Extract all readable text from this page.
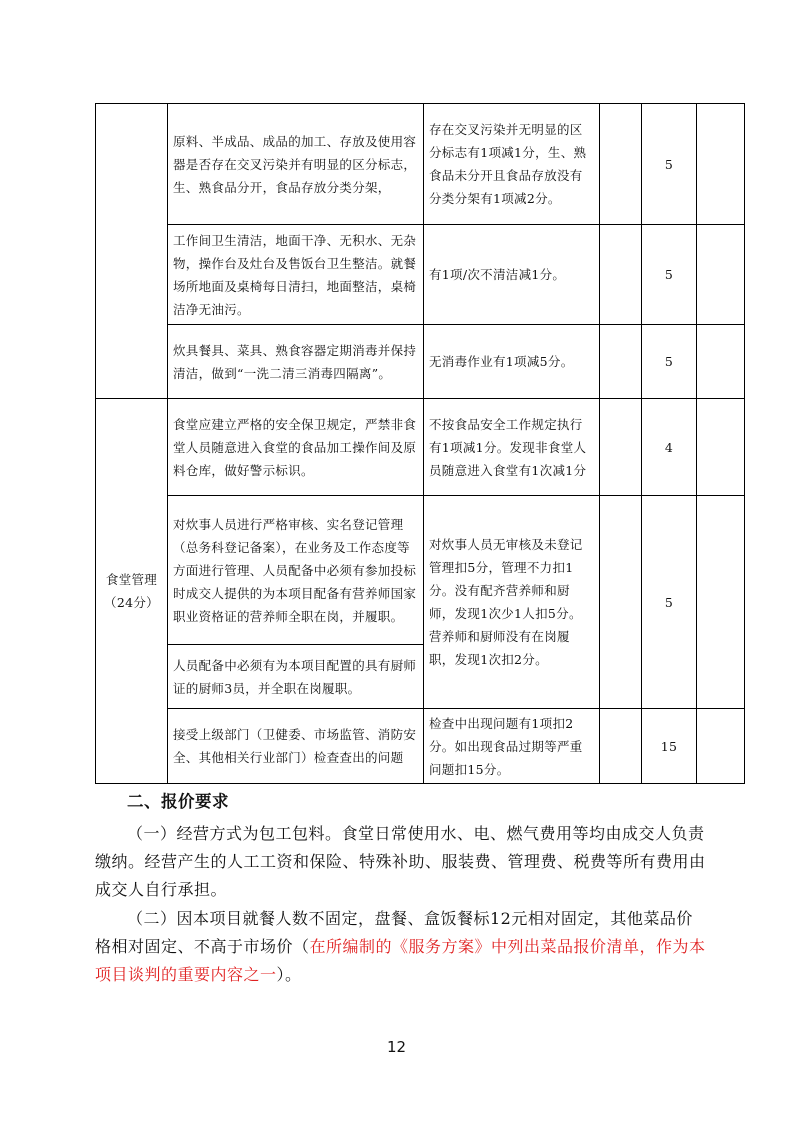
	原料、半成品、成品的加工、存放及使用容器是否存在交叉污染并有明显的区分标志，生、熟食品分开，食品存放分类分架，	存在交叉污染并无明显的区分标志有1项减1分，生、熟食品未分开且食品存放没有分类分架有1项减2分。		5	
	工作间卫生清洁，地面干净、无积水、无杂物，操作台及灶台及售饭台卫生整洁。就餐场所地面及桌椅每日清扫，地面整洁，桌椅洁净无油污。	有1项/次不清洁减1分。		5	
	炊具餐具、菜具、熟食容器定期消毒并保持清洁，做到“一洗二清三消毒四隔离”。	无消毒作业有1项减5分。		5	

食堂管理
（24分）	食堂应建立严格的安全保卫规定，严禁非食堂人员随意进入食堂的食品加工操作间及原料仓库，做好警示标识。	不按食品安全工作规定执行有1项减1分。发现非食堂人员随意进入食堂有1次减1分		4	
	对炊事人员进行严格审核、实名登记管理（总务科登记备案），在业务及工作态度等方面进行管理、人员配备中必须有参加投标时成交人提供的为本项目配备有营养师国家职业资格证的营养师全职在岗，并履职。	对炊事人员无审核及未登记管理扣5分，管理不力扣1分。没有配齐营养师和厨师，发现1次少1人扣5分。营养师和厨师没有在岗履职，发现1次扣2分。		5	
	人员配备中必须有为本项目配置的具有厨师证的厨师3员，并全职在岗履职。				
	接受上级部门（卫健委、市场监管、消防安全、其他相关行业部门）检查查出的问题	检查中出现问题有1项扣2分。如出现食品过期等严重问题扣15分。		15	
二、报价要求
（一）经营方式为包工包料。食堂日常使用水、电、燃气费用等均由成交人负责缴纳。经营产生的人工工资和保险、特殊补助、服装费、管理费、税费等所有费用由成交人自行承担。
（二）因本项目就餐人数不固定，盘餐、盒饭餐标12元相对固定，其他菜品价格相对固定、不高于市场价（在所编制的《服务方案》中列出菜品报价清单，作为本项目谈判的重要内容之一）。
12
